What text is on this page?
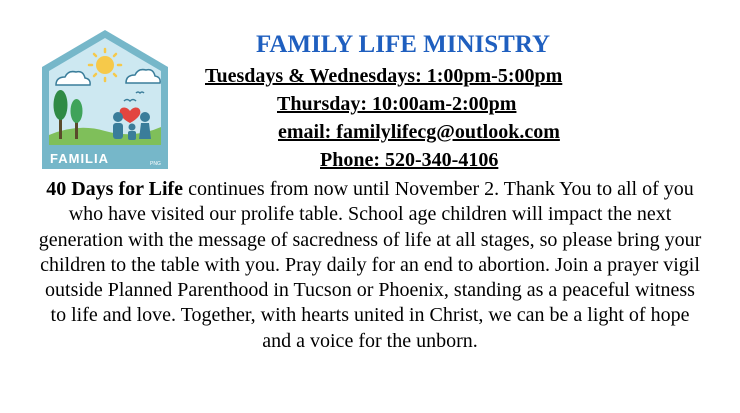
FAMILIA	PNG
FAMILY LIFE MINISTRY

Tuesdays & Wednesdays: 1:00pm-5:00pm

Thursday: 10:00am-2:00pm

email: familylifecg@outlook.com

Phone: 520-340-4106

40 Days for Life continues from now until November 2. Thank You to all of you who have visited our prolife table. School age children will impact the next generation with the message of sacredness of life at all stages, so please bring your children to the table with you. Pray daily for an end to abortion. Join a prayer vigil outside Planned Parenthood in Tucson or Phoenix, standing as a peaceful witness to life and love. Together, with hearts united in Christ, we can be a light of hope and a voice for the unborn.
